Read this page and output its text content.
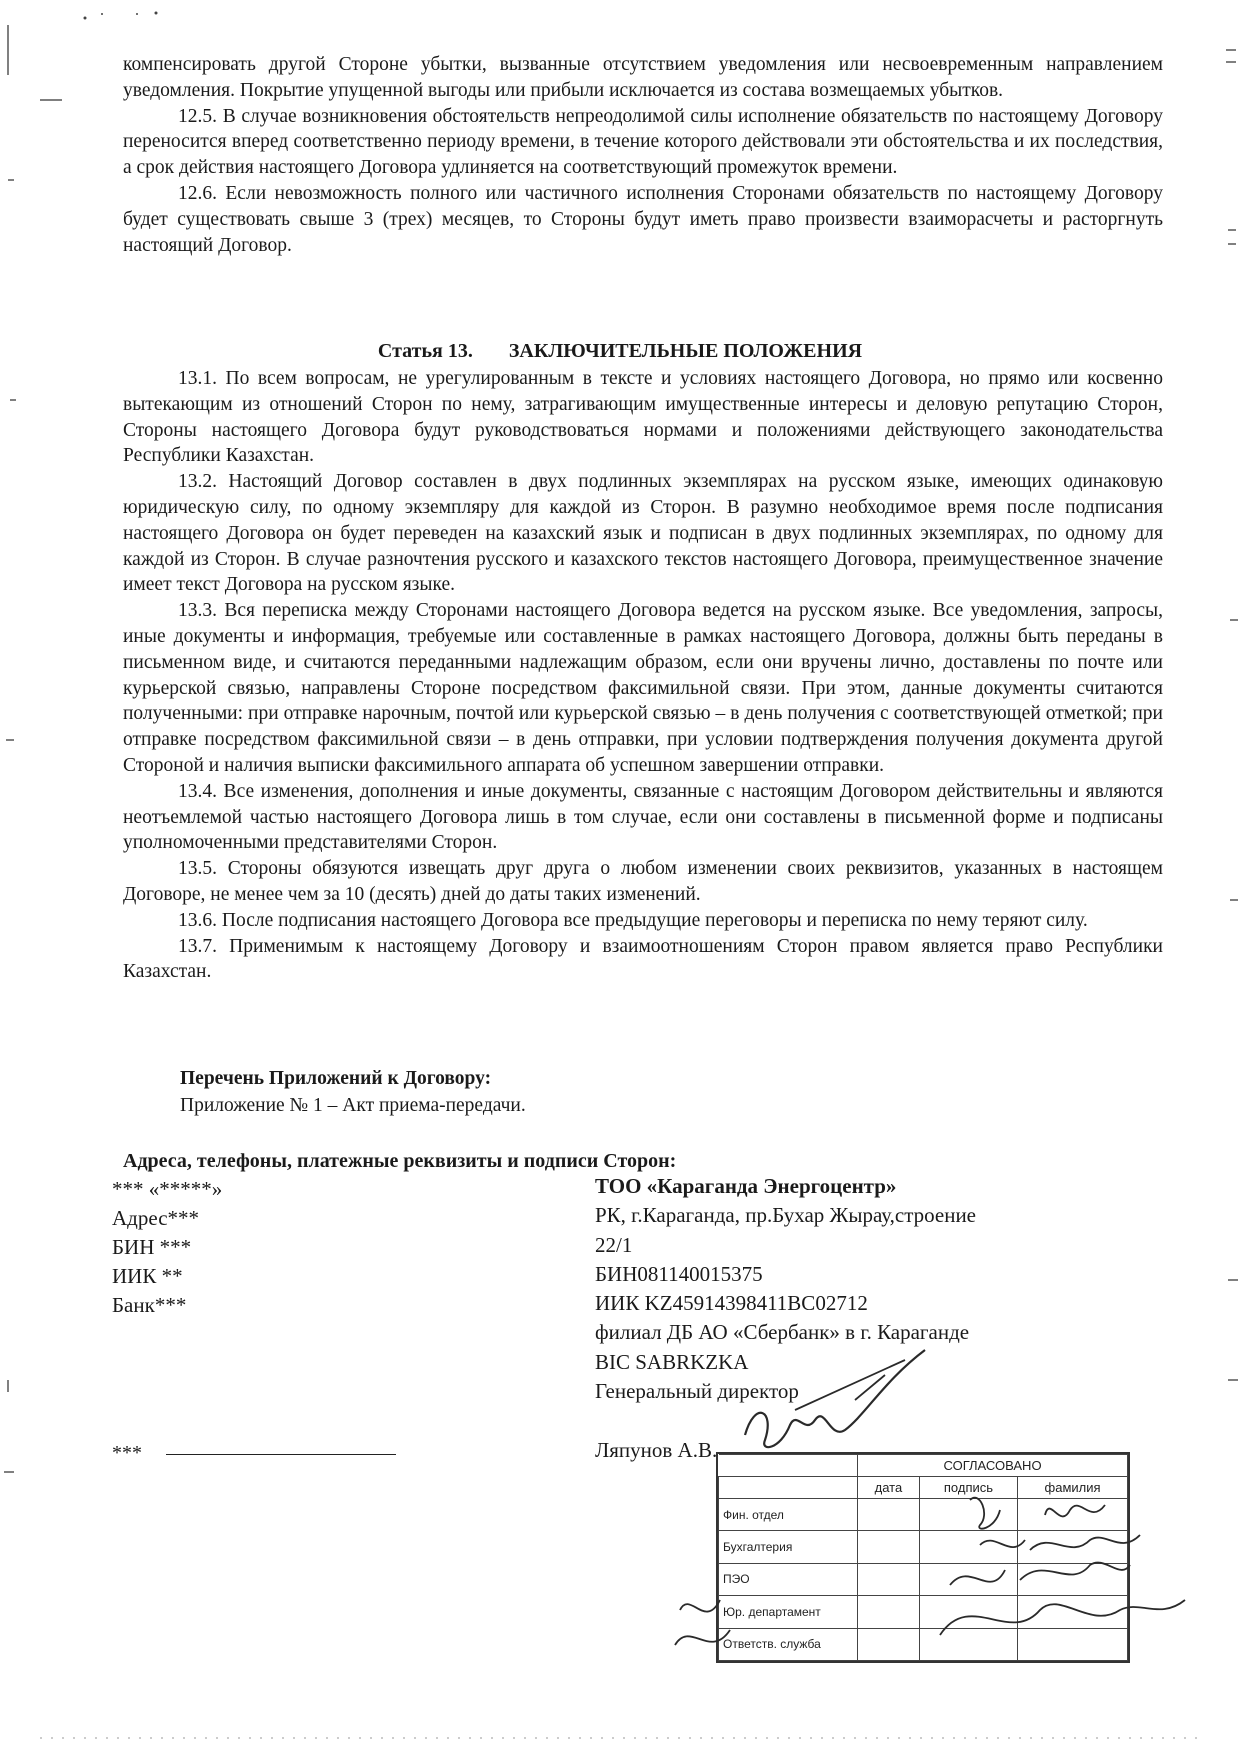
компенсировать другой Стороне убытки, вызванные отсутствием уведомления или несвоевременным направлением уведомления. Покрытие упущенной выгоды или прибыли исключается из состава возмещаемых убытков.

12.5. В случае возникновения обстоятельств непреодолимой силы исполнение обязательств по настоящему Договору переносится вперед соответственно периоду времени, в течение которого действовали эти обстоятельства и их последствия, а срок действия настоящего Договора удлиняется на соответствующий промежуток времени.

12.6. Если невозможность полного или частичного исполнения Сторонами обязательств по настоящему Договору будет существовать свыше 3 (трех) месяцев, то Стороны будут иметь право произвести взаиморасчеты и расторгнуть настоящий Договор.

Статья 13. ЗАКЛЮЧИТЕЛЬНЫЕ ПОЛОЖЕНИЯ

13.1. По всем вопросам, не урегулированным в тексте и условиях настоящего Договора, но прямо или косвенно вытекающим из отношений Сторон по нему, затрагивающим имущественные интересы и деловую репутацию Сторон, Стороны настоящего Договора будут руководствоваться нормами и положениями действующего законодательства Республики Казахстан.

13.2. Настоящий Договор составлен в двух подлинных экземплярах на русском языке, имеющих одинаковую юридическую силу, по одному экземпляру для каждой из Сторон. В разумно необходимое время после подписания настоящего Договора он будет переведен на казахский язык и подписан в двух подлинных экземплярах, по одному для каждой из Сторон. В случае разночтения русского и казахского текстов настоящего Договора, преимущественное значение имеет текст Договора на русском языке.

13.3. Вся переписка между Сторонами настоящего Договора ведется на русском языке. Все уведомления, запросы, иные документы и информация, требуемые или составленные в рамках настоящего Договора, должны быть переданы в письменном виде, и считаются переданными надлежащим образом, если они вручены лично, доставлены по почте или курьерской связью, направлены Стороне посредством факсимильной связи. При этом, данные документы считаются полученными: при отправке нарочным, почтой или курьерской связью – в день получения с соответствующей отметкой; при отправке посредством факсимильной связи – в день отправки, при условии подтверждения получения документа другой Стороной и наличия выписки факсимильного аппарата об успешном завершении отправки.

13.4. Все изменения, дополнения и иные документы, связанные с настоящим Договором действительны и являются неотъемлемой частью настоящего Договора лишь в том случае, если они составлены в письменной форме и подписаны уполномоченными представителями Сторон.

13.5. Стороны обязуются извещать друг друга о любом изменении своих реквизитов, указанных в настоящем Договоре, не менее чем за 10 (десять) дней до даты таких изменений.

13.6. После подписания настоящего Договора все предыдущие переговоры и переписка по нему теряют силу.

13.7. Применимым к настоящему Договору и взаимоотношениям Сторон правом является право Республики Казахстан.

Перечень Приложений к Договору:
Приложение № 1 – Акт приема-передачи.
Адреса, телефоны, платежные реквизиты и подписи Сторон:
*** «*****»
Адрес***
БИН ***
ИИК **
Банк***
ТОО «Караганда Энергоцентр»
РК, г.Караганда, пр.Бухар Жырау,строение
22/1
БИН081140015375
ИИК KZ45914398411BC02712
филиал ДБ АО «Сбербанк» в г. Караганде
BIC SABRKZKA
Генеральный директор
Ляпунов А.В.
***
	СОГЛАСОВАНО		
	дата	подпись	фамилия
Фин. отдел			
Бухгалтерия			
ПЭО			
Юр. департамент			
Ответств. служба			
